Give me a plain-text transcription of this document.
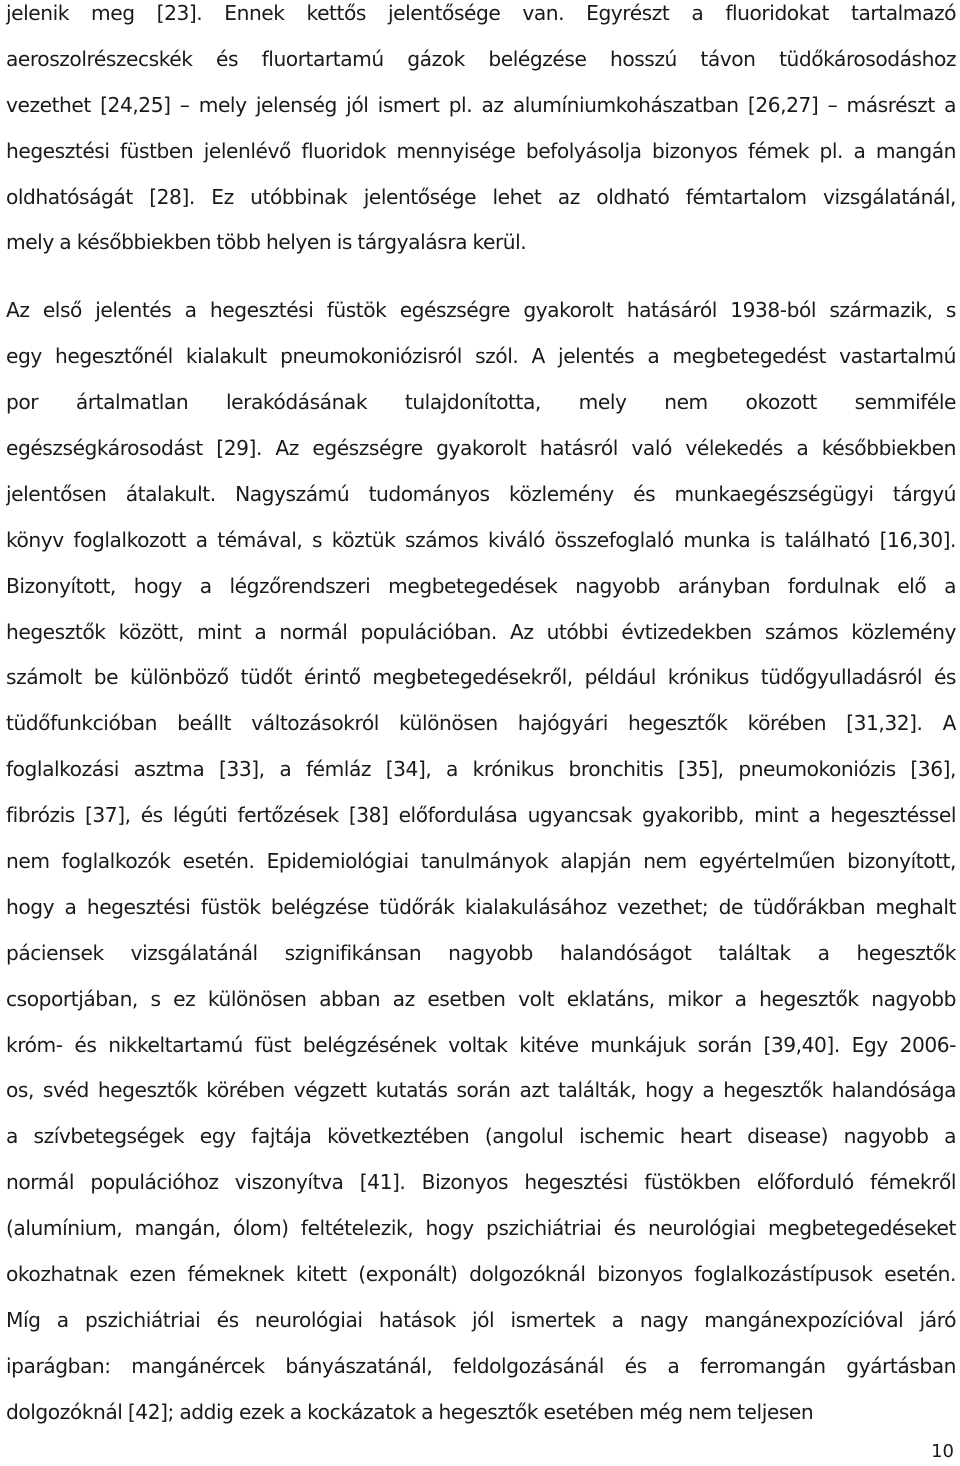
jelenik meg [23]. Ennek kettős jelentősége van. Egyrészt a fluoridokat tartalmazó
aeroszolrészecskék és fluortartamú gázok belégzése hosszú távon tüdőkárosodáshoz
vezethet [24,25] – mely jelenség jól ismert pl. az alumíniumkohászatban [26,27] – másrészt a
hegesztési füstben jelenlévő fluoridok mennyisége befolyásolja bizonyos fémek pl. a mangán
oldhatóságát [28]. Ez utóbbinak jelentősége lehet az oldható fémtartalom vizsgálatánál,
mely a későbbiekben több helyen is tárgyalásra kerül.
Az első jelentés a hegesztési füstök egészségre gyakorolt hatásáról 1938-ból származik, s
egy hegesztőnél kialakult pneumokoniózisról szól. A jelentés a megbetegedést vastartalmú
por ártalmatlan lerakódásának tulajdonította, mely nem okozott semmiféle
egészségkárosodást [29]. Az egészségre gyakorolt hatásról való vélekedés a későbbiekben
jelentősen átalakult. Nagyszámú tudományos közlemény és munkaegészségügyi tárgyú
könyv foglalkozott a témával, s köztük számos kiváló összefoglaló munka is található [16,30].
Bizonyított, hogy a légzőrendszeri megbetegedések nagyobb arányban fordulnak elő a
hegesztők között, mint a normál populációban. Az utóbbi évtizedekben számos közlemény
számolt be különböző tüdőt érintő megbetegedésekről, például krónikus tüdőgyulladásról és
tüdőfunkcióban beállt változásokról különösen hajógyári hegesztők körében [31,32]. A
foglalkozási asztma [33], a fémláz [34], a krónikus bronchitis [35], pneumokoniózis [36],
fibrózis [37], és légúti fertőzések [38] előfordulása ugyancsak gyakoribb, mint a hegesztéssel
nem foglalkozók esetén. Epidemiológiai tanulmányok alapján nem egyértelműen bizonyított,
hogy a hegesztési füstök belégzése tüdőrák kialakulásához vezethet; de tüdőrákban meghalt
páciensek vizsgálatánál szignifikánsan nagyobb halandóságot találtak a hegesztők
csoportjában, s ez különösen abban az esetben volt eklatáns, mikor a hegesztők nagyobb
króm- és nikkeltartamú füst belégzésének voltak kitéve munkájuk során [39,40]. Egy 2006-
os, svéd hegesztők körében végzett kutatás során azt találták, hogy a hegesztők halandósága
a szívbetegségek egy fajtája következtében (angolul ischemic heart disease) nagyobb a
normál populációhoz viszonyítva [41]. Bizonyos hegesztési füstökben előforduló fémekről
(alumínium, mangán, ólom) feltételezik, hogy pszichiátriai és neurológiai megbetegedéseket
okozhatnak ezen fémeknek kitett (exponált) dolgozóknál bizonyos foglalkozástípusok esetén.
Míg a pszichiátriai és neurológiai hatások jól ismertek a nagy mangánexpozícióval járó
iparágban: mangánércek bányászatánál, feldolgozásánál és a ferromangán gyártásban
dolgozóknál [42]; addig ezek a kockázatok a hegesztők esetében még nem teljesen
10
